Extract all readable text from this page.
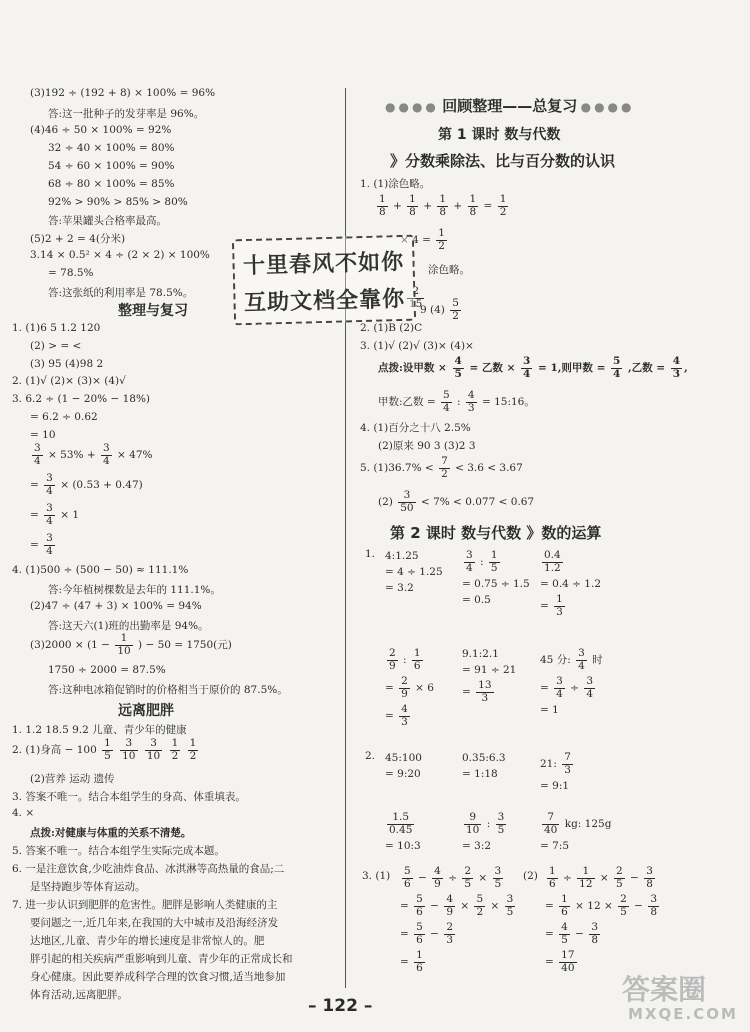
(3)192 ÷ (192 + 8) × 100% = 96%
答:这一批种子的发芽率是 96%。
(4)46 ÷ 50 × 100% = 92%
32 ÷ 40 × 100% = 80%
54 ÷ 60 × 100% = 90%
68 ÷ 80 × 100% = 85%
92% > 90% > 85% > 80%
答:苹果罐头合格率最高。
(5)2 + 2 = 4(分米)
3.14 × 0.5² × 4 ÷ (2 × 2) × 100%
= 78.5%
答:这张纸的利用率是 78.5%。
整理与复习
1. (1)6 5 1.2 120
(2) > = <
(3) 95 (4)98 2
2. (1)√ (2)× (3)× (4)√
3. 6.2 ÷ (1 − 20% − 18%)
= 6.2 ÷ 0.62
= 10
$\frac{3}{4} \times 53\% + \frac{3}{4} \times 47\%$
= $\frac{3}{4} \times (0.53 + 0.47)$
= $\frac{3}{4} \times 1$
= $\frac{3}{4}$
4. (1)500 ÷ (500 − 50) ≈ 111.1%
答:今年植树棵数是去年的 111.1%。
(2)47 ÷ (47 + 3) × 100% = 94%
答:这天六(1)班的出勤率是 94%。
$(3)2000 \times (1 - \frac{1}{10}$ ) − 50 = 1750(元)
1750 ÷ 2000 = 87.5%
答:这种电冰箱促销时的价格相当于原价的 87.5%。
远离肥胖
1. 1.2 18.5 9.2 儿童、青少年的健康
2. (1)身高 − $100 \frac{1}{5}$
$\frac{3}{10}$
$\frac{3}{10}$
$\frac{1}{2}$
$\frac{1}{2}$
(2)营养 运动 遗传
3. 答案不唯一。结合本组学生的身高、体重填表。
4. ×
点拨:对健康与体重的关系不清楚。
5. 答案不唯一。结合本组学生实际完成本题。
6. 一是注意饮食,少吃油炸食品、冰淇淋等高热量的食品;二
是坚持跑步等体育运动。
7. 进一步认识到肥胖的危害性。肥胖是影响人类健康的主
要问题之一,近几年来,在我国的大中城市及沿海经济发
达地区,儿童、青少年的增长速度是非常惊人的。肥
胖引起的相关疾病严重影响到儿童、青少年的正常成长和
身心健康。因此要养成科学合理的饮食习惯,适当地参加
体育活动,远离肥胖。
●●●● 回顾整理——总复习 ●●●●
第 1 课时 数与代数
》分数乘除法、比与百分数的认识
1. (1)涂色略。
$\frac{1}{8} + \frac{1}{8} + \frac{1}{8} + \frac{1}{8} = \frac{1}{2}$
× $4 = \frac{1}{2}$
涂色略。
$\frac{2}{15}$
9 $(4) \frac{5}{2}$
2. (1)B (2)C
3. (1)√ (2)√ (3)× (4)×
点拨:设甲数 × $\frac{4}{5}$ = 乙数 × $\frac{3}{4} = 1$,则甲数 = $\frac{5}{4}$ ,乙数 = $\frac{4}{3}$ ,
甲数:乙数 = $\frac{5}{4}$ : $\frac{4}{3}$ = 15:16。
4. (1)百分之十八 2.5%
(2)原来 90 3 (3)2 3
5. $(1)36.7\% < \frac{7}{2} < 3.6 < 3.67$
$(2) \frac{3}{50} < 7\% < 0.077 < 0.67$
第 2 课时 数与代数 》数的运算
1. 4:1.25
= 4 ÷ 1.25
= 3.2
$\frac{3}{4}$ : $\frac{1}{5}$
= 0.75 ÷ 1.5
= 0.5
$\frac{0.4}{1.2}$
= 0.4 ÷ 1.2
= $\frac{1}{3}$
$\frac{2}{9}$ : $\frac{1}{6}$
= $\frac{2}{9} \times 6$
= $\frac{4}{3}$
9.1:2.1
= 91 ÷ 21
= $\frac{13}{3}$
45 分: $\frac{3}{4}$ 时
= $\frac{3}{4} \div \frac{3}{4}$
= 1
2. 45:100
= 9:20
0.35:6.3
= 1:18
21: $\frac{7}{3}$
= 9:1
$\frac{1.5}{0.45}$
= 10:3
$\frac{9}{10}$ : $\frac{3}{5}$
= 3:2
$\frac{7}{40}$ kg: 125g
= 7:5
3. $(1) \frac{5}{6} - \frac{4}{9} \div \frac{2}{5} \times \frac{3}{5}$
= $\frac{5}{6} - \frac{4}{9} \times \frac{5}{2} \times \frac{3}{5}$
= $\frac{5}{6} - \frac{2}{3}$
= $\frac{1}{6}$
$(2) \frac{1}{6} \div \frac{1}{12} \times \frac{2}{5} - \frac{3}{8}$
= $\frac{1}{6} \times 12 \times \frac{2}{5} - \frac{3}{8}$
= $\frac{4}{5} - \frac{3}{8}$
= $\frac{17}{40}$
十里春风不如你
互助文档全靠你
– 122 –	答案圈
MXQE.COM
